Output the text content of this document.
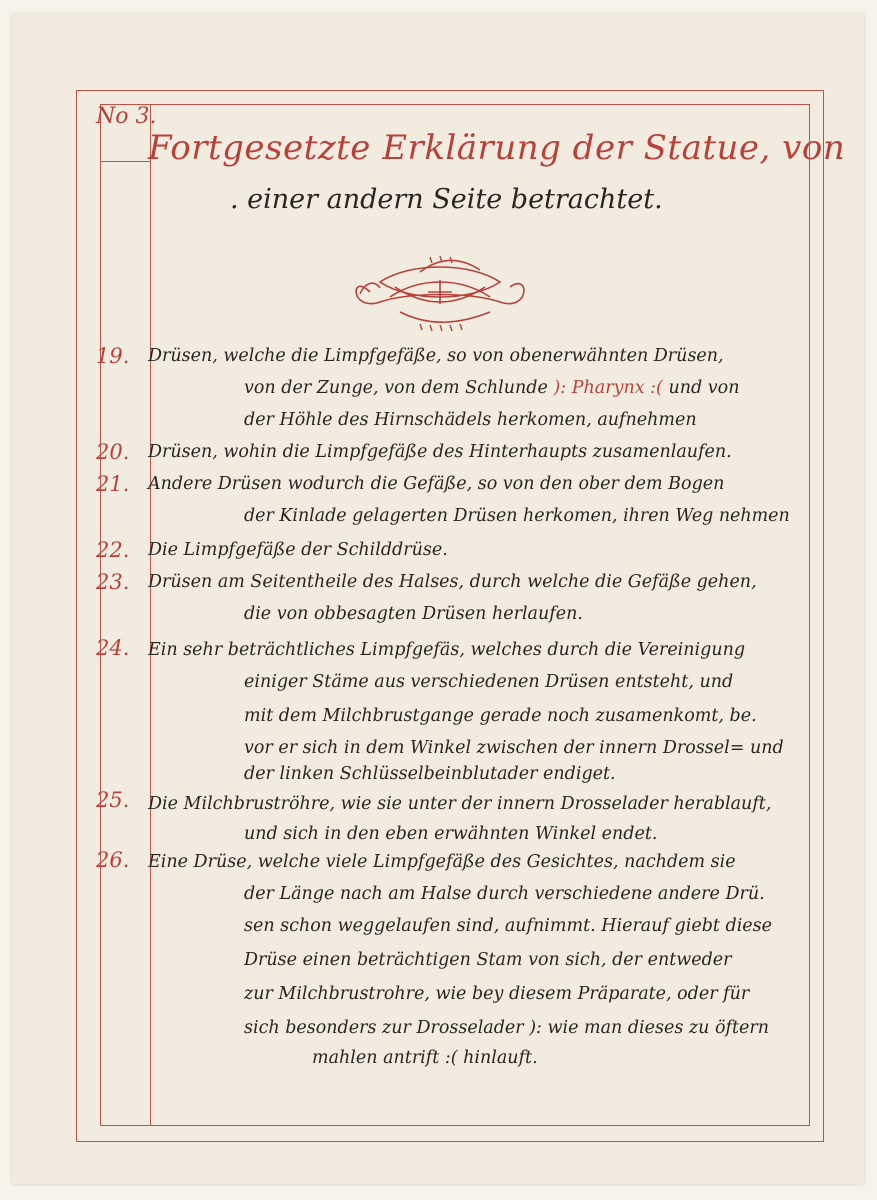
No 3.
Fortgesetzte Erklärung der Statue, von
. einer andern Seite betrachtet.
19.	Drüsen, welche die Limpfgefäße, so von obenerwähnten Drüsen,
von der Zunge, von dem Schlunde ): Pharynx :( und von
der Höhle des Hirnschädels herkomen, aufnehmen
20.	Drüsen, wohin die Limpfgefäße des Hinterhaupts zusamenlaufen.
21.	Andere Drüsen wodurch die Gefäße, so von den ober dem Bogen
der Kinlade gelagerten Drüsen herkomen, ihren Weg nehmen
22.	Die Limpfgefäße der Schilddrüse.
23.	Drüsen am Seitentheile des Halses, durch welche die Gefäße gehen,
die von obbesagten Drüsen herlaufen.
24.	Ein sehr beträchtliches Limpfgefäs, welches durch die Vereinigung
einiger Stäme aus verschiedenen Drüsen entsteht, und
mit dem Milchbrustgange gerade noch zusamenkomt, be.
vor er sich in dem Winkel zwischen der innern Drossel= und
der linken Schlüsselbeinblutader endiget.
25.	Die Milchbruströhre, wie sie unter der innern Drosselader herablauft,
und sich in den eben erwähnten Winkel endet.
26.	Eine Drüse, welche viele Limpfgefäße des Gesichtes, nachdem sie
der Länge nach am Halse durch verschiedene andere Drü.
sen schon weggelaufen sind, aufnimmt. Hierauf giebt diese
Drüse einen beträchtigen Stam von sich, der entweder
zur Milchbrustrohre, wie bey diesem Präparate, oder für
sich besonders zur Drosselader ): wie man dieses zu öftern
mahlen antrift :( hinlauft.
